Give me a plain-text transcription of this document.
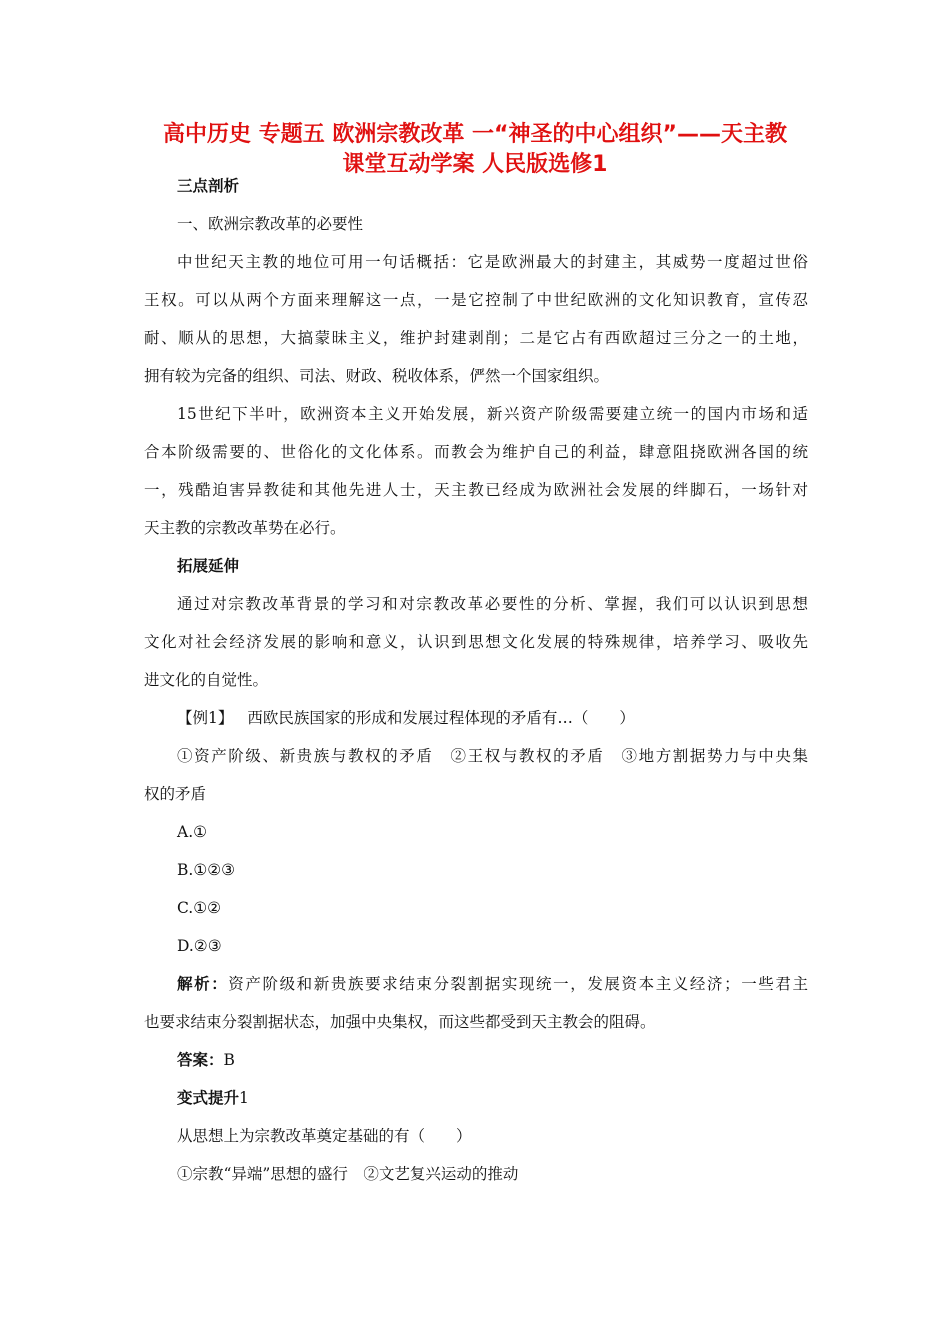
高中历史 专题五 欧洲宗教改革 一“神圣的中心组织”——天主教
课堂互动学案 人民版选修1
三点剖析
一、欧洲宗教改革的必要性
中世纪天主教的地位可用一句话概括：它是欧洲最大的封建主，其威势一度超过世俗
王权。可以从两个方面来理解这一点，一是它控制了中世纪欧洲的文化知识教育，宣传忍
耐、顺从的思想，大搞蒙昧主义，维护封建剥削；二是它占有西欧超过三分之一的土地，
拥有较为完备的组织、司法、财政、税收体系，俨然一个国家组织。
15世纪下半叶，欧洲资本主义开始发展，新兴资产阶级需要建立统一的国内市场和适
合本阶级需要的、世俗化的文化体系。而教会为维护自己的利益，肆意阻挠欧洲各国的统
一，残酷迫害异教徒和其他先进人士，天主教已经成为欧洲社会发展的绊脚石，一场针对
天主教的宗教改革势在必行。
拓展延伸
通过对宗教改革背景的学习和对宗教改革必要性的分析、掌握，我们可以认识到思想
文化对社会经济发展的影响和意义，认识到思想文化发展的特殊规律，培养学习、吸收先
进文化的自觉性。
【例1】 西欧民族国家的形成和发展过程体现的矛盾有…（　　）
①资产阶级、新贵族与教权的矛盾　②王权与教权的矛盾　③地方割据势力与中央集
权的矛盾
A.①
B.①②③
C.①②
D.②③
解析：资产阶级和新贵族要求结束分裂割据实现统一，发展资本主义经济；一些君主
也要求结束分裂割据状态，加强中央集权，而这些都受到天主教会的阻碍。
答案：B
变式提升1
从思想上为宗教改革奠定基础的有（　　）
①宗教“异端”思想的盛行　②文艺复兴运动的推动
